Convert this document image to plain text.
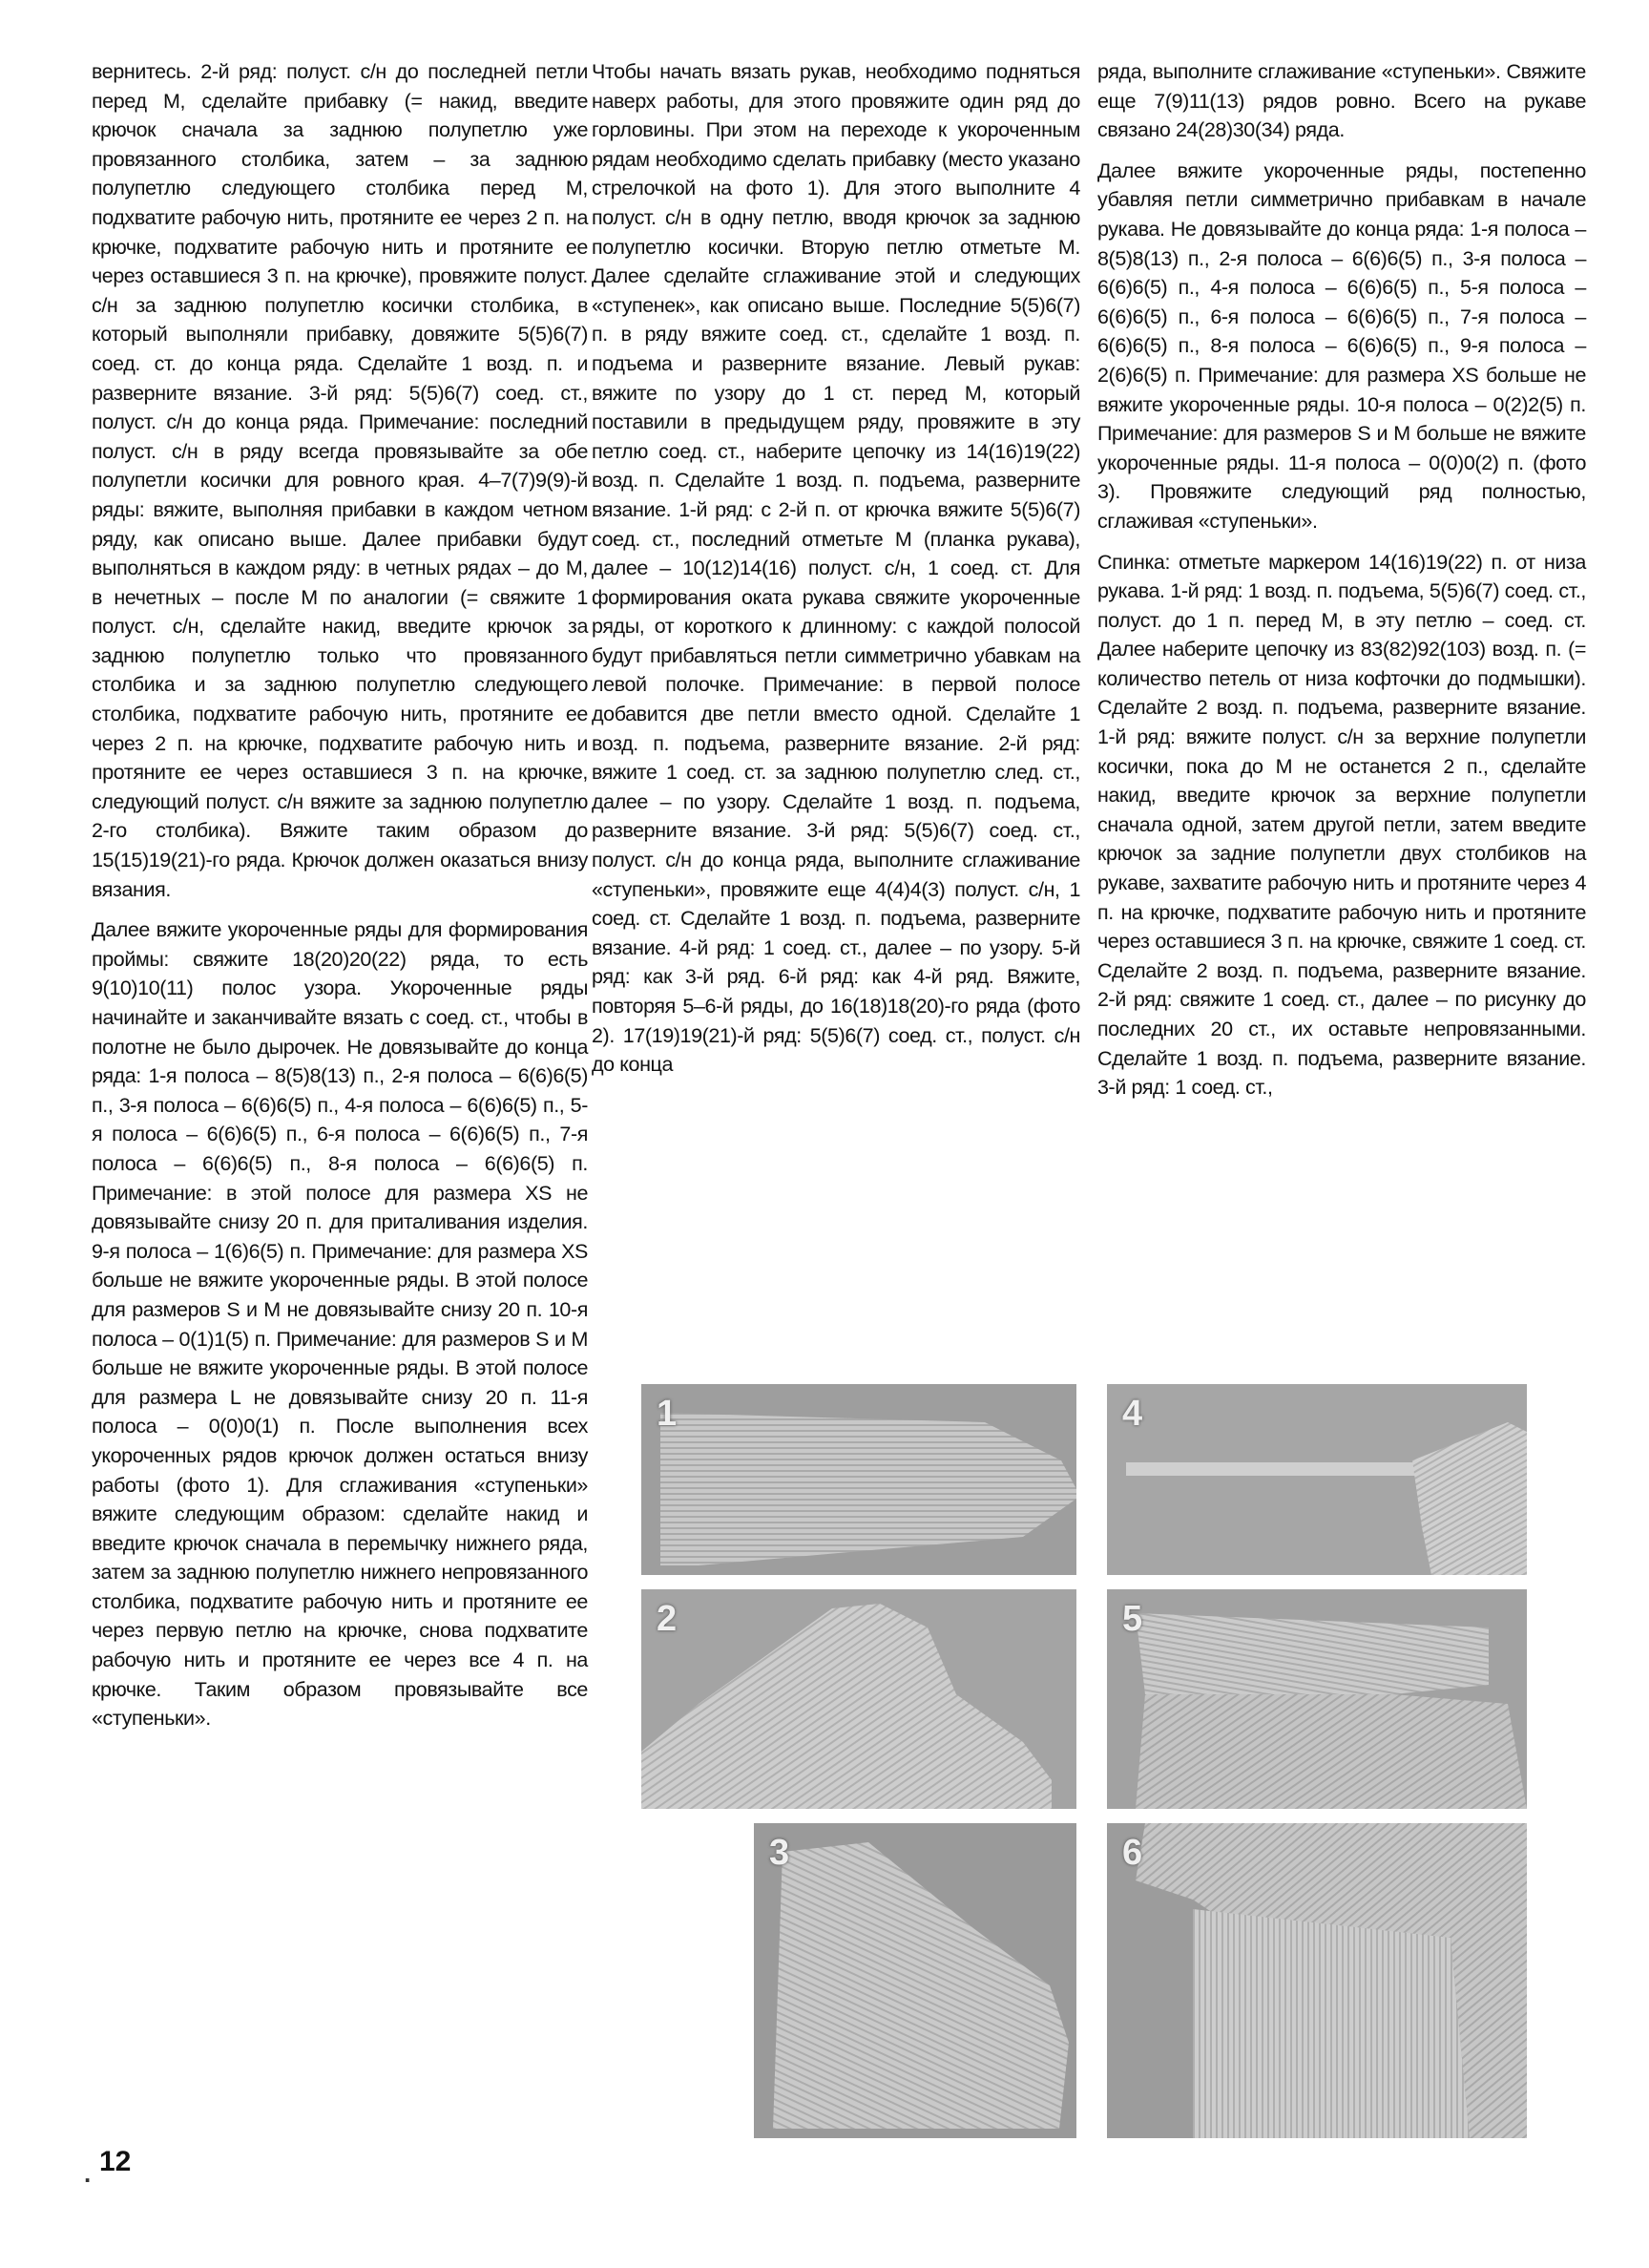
вернитесь. 2-й ряд: полуст. с/н до последней петли перед М, сделайте прибавку (= накид, введите крючок сначала за заднюю полупетлю уже провязанного столбика, затем – за заднюю полупетлю следующего столбика перед М, подхватите рабочую нить, протяните ее через 2 п. на крючке, подхватите рабочую нить и протяните ее через оставшиеся 3 п. на крючке), провяжите полуст. с/н за заднюю полупетлю косички столбика, в который выполняли прибавку, довяжите 5(5)6(7) соед. ст. до конца ряда. Сделайте 1 возд. п. и разверните вязание. 3-й ряд: 5(5)6(7) соед. ст., полуст. с/н до конца ряда. Примечание: последний полуст. с/н в ряду всегда провязывайте за обе полупетли косички для ровного края. 4–7(7)9(9)-й ряды: вяжите, выполняя прибавки в каждом четном ряду, как описано выше. Далее прибавки будут выполняться в каждом ряду: в четных рядах – до М, в нечетных – после М по аналогии (= свяжите 1 полуст. с/н, сделайте накид, введите крючок за заднюю полупетлю только что провязанного столбика и за заднюю полупетлю следующего столбика, подхватите рабочую нить, протяните ее через 2 п. на крючке, подхватите рабочую нить и протяните ее через оставшиеся 3 п. на крючке, следующий полуст. с/н вяжите за заднюю полупетлю 2-го столбика). Вяжите таким образом до 15(15)19(21)-го ряда. Крючок должен оказаться внизу вязания.

Далее вяжите укороченные ряды для формирования проймы: свяжите 18(20)20(22) ряда, то есть 9(10)10(11) полос узора. Укороченные ряды начинайте и заканчивайте вязать с соед. ст., чтобы в полотне не было дырочек. Не довязывайте до конца ряда: 1-я полоса – 8(5)8(13) п., 2-я полоса – 6(6)6(5) п., 3-я полоса – 6(6)6(5) п., 4-я полоса – 6(6)6(5) п., 5-я полоса – 6(6)6(5) п., 6-я полоса – 6(6)6(5) п., 7-я полоса – 6(6)6(5) п., 8-я полоса – 6(6)6(5) п. Примечание: в этой полосе для размера XS не довязывайте снизу 20 п. для приталивания изделия. 9-я полоса – 1(6)6(5) п. Примечание: для размера XS больше не вяжите укороченные ряды. В этой полосе для размеров S и M не довязывайте снизу 20 п. 10-я полоса – 0(1)1(5) п. Примечание: для размеров S и M больше не вяжите укороченные ряды. В этой полосе для размера L не довязывайте снизу 20 п. 11-я полоса – 0(0)0(1) п. После выполнения всех укороченных рядов крючок должен остаться внизу работы (фото 1). Для сглаживания «ступеньки» вяжите следующим образом: сделайте накид и введите крючок сначала в перемычку нижнего ряда, затем за заднюю полупетлю нижнего непровязанного столбика, подхватите рабочую нить и протяните ее через первую петлю на крючке, снова подхватите рабочую нить и протяните ее через все 4 п. на крючке. Таким образом провязывайте все «ступеньки».

Чтобы начать вязать рукав, необходимо подняться наверх работы, для этого провяжите один ряд до горловины. При этом на переходе к укороченным рядам необходимо сделать прибавку (место указано стрелочкой на фото 1). Для этого выполните 4 полуст. с/н в одну петлю, вводя крючок за заднюю полупетлю косички. Вторую петлю отметьте М. Далее сделайте сглаживание этой и следующих «ступенек», как описано выше. Последние 5(5)6(7) п. в ряду вяжите соед. ст., сделайте 1 возд. п. подъема и разверните вязание. Левый рукав: вяжите по узору до 1 ст. перед М, который поставили в предыдущем ряду, провяжите в эту петлю соед. ст., наберите цепочку из 14(16)19(22) возд. п. Сделайте 1 возд. п. подъема, разверните вязание. 1-й ряд: с 2-й п. от крючка вяжите 5(5)6(7) соед. ст., последний отметьте М (планка рукава), далее – 10(12)14(16) полуст. с/н, 1 соед. ст. Для формирования оката рукава свяжите укороченные ряды, от короткого к длинному: с каждой полосой будут прибавляться петли симметрично убавкам на левой полочке. Примечание: в первой полосе добавится две петли вместо одной. Сделайте 1 возд. п. подъема, разверните вязание. 2-й ряд: вяжите 1 соед. ст. за заднюю полупетлю след. ст., далее – по узору. Сделайте 1 возд. п. подъема, разверните вязание. 3-й ряд: 5(5)6(7) соед. ст., полуст. с/н до конца ряда, выполните сглаживание «ступеньки», провяжите еще 4(4)4(3) полуст. с/н, 1 соед. ст. Сделайте 1 возд. п. подъема, разверните вязание. 4-й ряд: 1 соед. ст., далее – по узору. 5-й ряд: как 3-й ряд. 6-й ряд: как 4-й ряд. Вяжите, повторяя 5–6-й ряды, до 16(18)18(20)-го ряда (фото 2). 17(19)19(21)-й ряд: 5(5)6(7) соед. ст., полуст. с/н до конца

ряда, выполните сглаживание «ступеньки». Свяжите еще 7(9)11(13) рядов ровно. Всего на рукаве связано 24(28)30(34) ряда.

Далее вяжите укороченные ряды, постепенно убавляя петли симметрично прибавкам в начале рукава. Не довязывайте до конца ряда: 1-я полоса – 8(5)8(13) п., 2-я полоса – 6(6)6(5) п., 3-я полоса – 6(6)6(5) п., 4-я полоса – 6(6)6(5) п., 5-я полоса – 6(6)6(5) п., 6-я полоса – 6(6)6(5) п., 7-я полоса – 6(6)6(5) п., 8-я полоса – 6(6)6(5) п., 9-я полоса – 2(6)6(5) п. Примечание: для размера XS больше не вяжите укороченные ряды. 10-я полоса – 0(2)2(5) п. Примечание: для размеров S и M больше не вяжите укороченные ряды. 11-я полоса – 0(0)0(2) п. (фото 3). Провяжите следующий ряд полностью, сглаживая «ступеньки».

Спинка: отметьте маркером 14(16)19(22) п. от низа рукава. 1-й ряд: 1 возд. п. подъема, 5(5)6(7) соед. ст., полуст. до 1 п. перед М, в эту петлю – соед. ст. Далее наберите цепочку из 83(82)92(103) возд. п. (= количество петель от низа кофточки до подмышки). Сделайте 2 возд. п. подъема, разверните вязание. 1-й ряд: вяжите полуст. с/н за верхние полупетли косички, пока до М не останется 2 п., сделайте накид, введите крючок за верхние полупетли сначала одной, затем другой петли, затем введите крючок за задние полупетли двух столбиков на рукаве, захватите рабочую нить и протяните через 4 п. на крючке, подхватите рабочую нить и протяните через оставшиеся 3 п. на крючке, свяжите 1 соед. ст. Сделайте 2 возд. п. подъема, разверните вязание. 2-й ряд: свяжите 1 соед. ст., далее – по рисунку до последних 20 ст., их оставьте непровязанными. Сделайте 1 возд. п. подъема, разверните вязание. 3-й ряд: 1 соед. ст.,

1
2
3
4
5
6
. 12
